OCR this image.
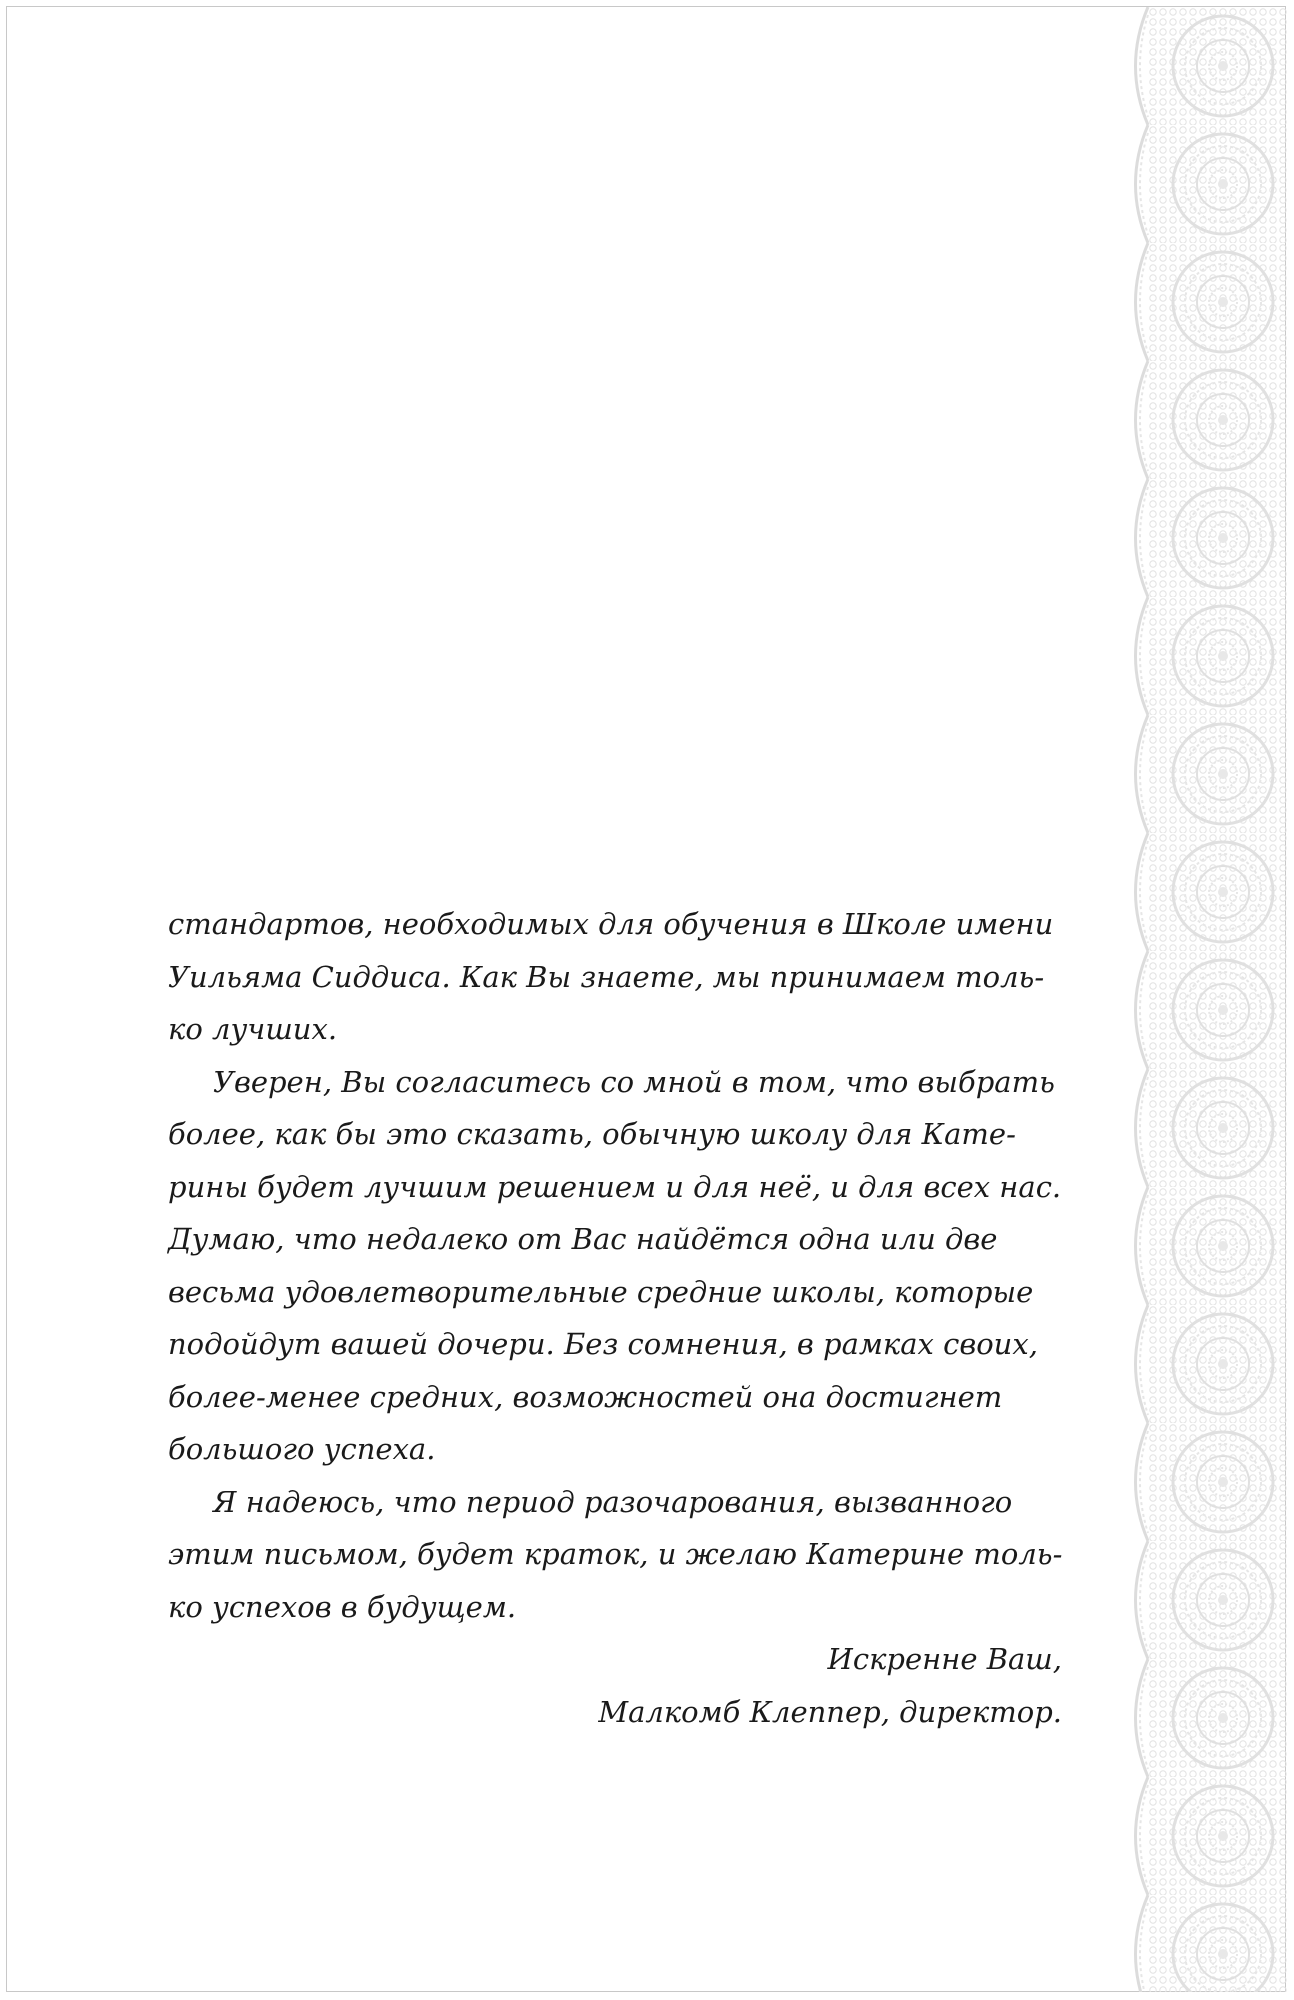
стандартов, необходимых для обучения в Школе имени
Уильяма Сиддиса. Как Вы знаете, мы принимаем толь-
ко лучших.
Уверен, Вы согласитесь со мной в том, что выбрать
более, как бы это сказать, обычную школу для Кате-
рины будет лучшим решением и для неё, и для всех нас.
Думаю, что недалеко от Вас найдётся одна или две
весьма удовлетворительные средние школы, которые
подойдут вашей дочери. Без сомнения, в рамках своих,
более-менее средних, возможностей она достигнет
большого успеха.
Я надеюсь, что период разочарования, вызванного
этим письмом, будет краток, и желаю Катерине толь-
ко успехов в будущем.
Искренне Ваш,
Малкомб Клеппер, директор.
